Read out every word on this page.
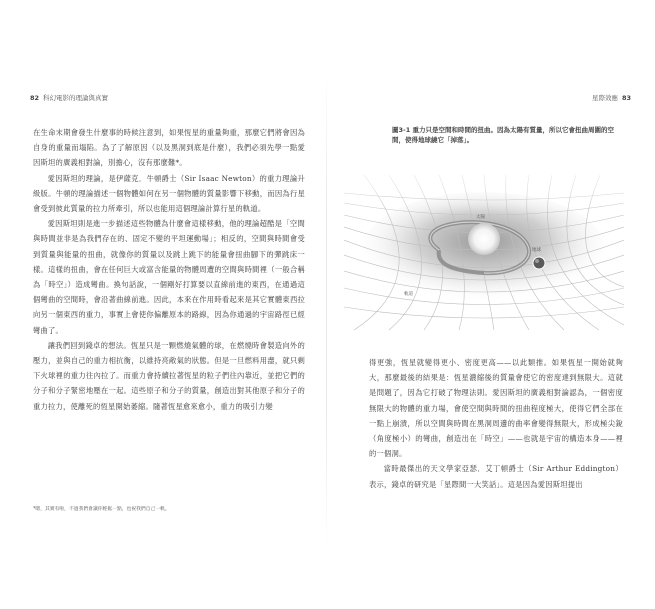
82 科幻電影的理論與真實

在生命末期會發生什麼事的時候注意到，如果恆星的重量夠重，那麼它們將會因為自身的重量而塌陷。為了了解原因（以及黑洞到底是什麼），我們必須先學一點愛因斯坦的廣義相對論，別擔心，沒有那麼難*。

愛因斯坦的理論，是伊薩克．牛頓爵士（Sir Isaac Newton）的重力理論升級版。牛頓的理論描述一個物體如何在另一個物體的質量影響下移動，而因為行星會受到彼此質量的拉力所牽引，所以也能用這個理論計算行星的軌道。

愛因斯坦則是進一步描述這些物體為什麼會這樣移動，他的理論超酷是「空間與時間並非是為我們存在的、固定不變的平坦運動場」；相反的，空間與時間會受到質量與能量的扭曲，就像你的質量以及跳上跳下的能量會扭曲腳下的彈跳床一樣。這樣的扭曲，會在任何巨大或富含能量的物體周遭的空間與時間裡（一般合稱為「時空」）造成彎曲。換句話說，一個剛好打算要以直線前進的東西，在通過這個彎曲的空間時，會沿著曲線前進。因此，本來在作用時看起來是其它實體東西拉向另一個東西的重力，事實上會使你偏離原本的路線，因為你通過的宇宙路徑已經彎曲了。

讓我們回到錢卓的想法。恆星只是一顆燃燒氣體的球，在燃燒時會製造向外的壓力，並與自己的重力相抗衡，以維持亮敞氣的狀態。但是一旦燃料用盡，就只剩下火球裡的重力往內拉了。而重力會持續拉著恆星的粒子們往內靠近，並把它們的分子和分子緊密地壓在一起。這些原子和分子的質量，創造出對其他原子和分子的重力拉力，使離死的恆星開始萎縮。隨著恆星愈來愈小，重力的吸引力變

*嗯，其實有啦，不過我們會讓你輕鬆一點，也祝我們自己一帆。
星際效應 83
圖3-1 重力只是空間和時間的扭曲。因為太陽有質量，所以它會扭曲周圍的空間，使得地球繞它「掉落」。
太陽
地球
軌道

得更強，恆星就變得更小、密度更高——以此類推。如果恆星一開始就夠大，那麼最後的結果是：恆星濃縮後的質量會使它的密度達到無限大。這就是問題了，因為它打破了物理法則。愛因斯坦的廣義相對論認為，一個密度無限大的物體的重力場，會使空間與時間的扭曲程度極大，使得它們全部在一點上崩潰，所以空間與時間在黑洞周邊的曲率會變得無限大，形成極尖銳（角度極小）的彎曲，創造出在「時空」——也就是宇宙的構造本身——裡的一個洞。

當時最傑出的天文學家亞瑟．艾丁頓爵士（Sir Arthur Eddington）表示，錢卓的研究是「星際間一大笑話」。這是因為愛因斯坦提出
